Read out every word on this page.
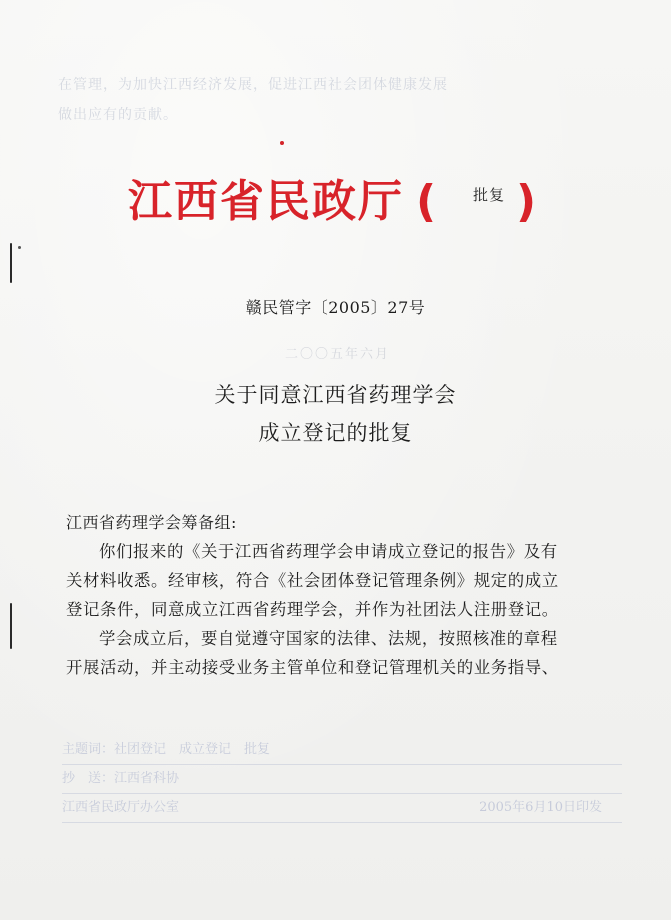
在管理，为加快江西经济发展，促进江西社会团体健康发展
做出应有的贡献。
江西省民政厅 ( 批复 )
赣民管字〔2005〕27号
二〇〇五年六月
关于同意江西省药理学会
成立登记的批复
江西省药理学会筹备组:
你们报来的《关于江西省药理学会申请成立登记的报告》及有
关材料收悉。经审核，符合《社会团体登记管理条例》规定的成立
登记条件，同意成立江西省药理学会，并作为社团法人注册登记。
学会成立后，要自觉遵守国家的法律、法规，按照核准的章程
开展活动，并主动接受业务主管单位和登记管理机关的业务指导、
主题词：社团登记　成立登记　批复
抄　送：江西省科协
江西省民政厅办公室	2005年6月10日印发
